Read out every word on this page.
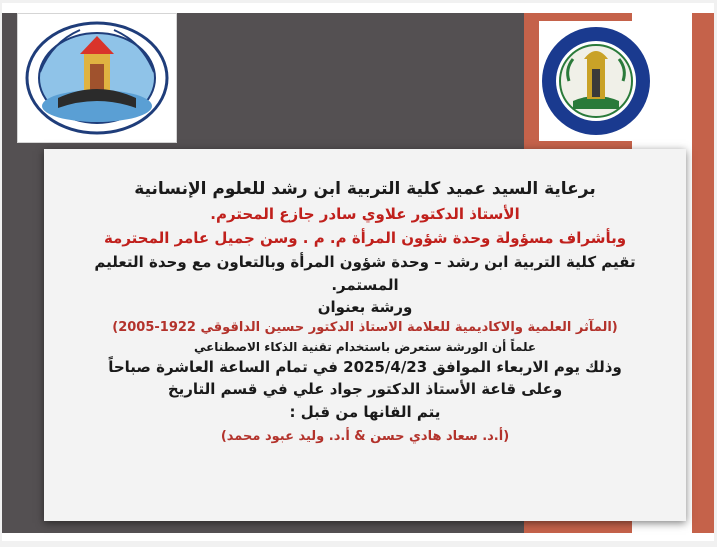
برعاية السيد عميد كلية التربية ابن رشد للعلوم الإنسانية

الأستاذ الدكتور علاوي سادر جازع المحترم.

وبأشراف مسؤولة وحدة شؤون المرأة م. م . وسن جميل عامر المحترمة

تقيم كلية التربية ابن رشد – وحدة شؤون المرأة وبالتعاون مع وحدة التعليم

المستمر.

ورشة بعنوان

(المآثر العلمية والاكاديمية للعلامة الاستاذ الدكتور حسين الداقوقي 1922-2005)

علماً أن الورشة ستعرض باستخدام تقنية الذكاء الاصطناعي

وذلك يوم الاربعاء الموافق 2025/4/23 في تمام الساعة العاشرة صباحاً

وعلى قاعة الأستاذ الدكتور جواد علي في قسم التاريخ

يتم القانها من قبل :

(أ.د. سعاد هادي حسن & أ.د. وليد عبود محمد)
